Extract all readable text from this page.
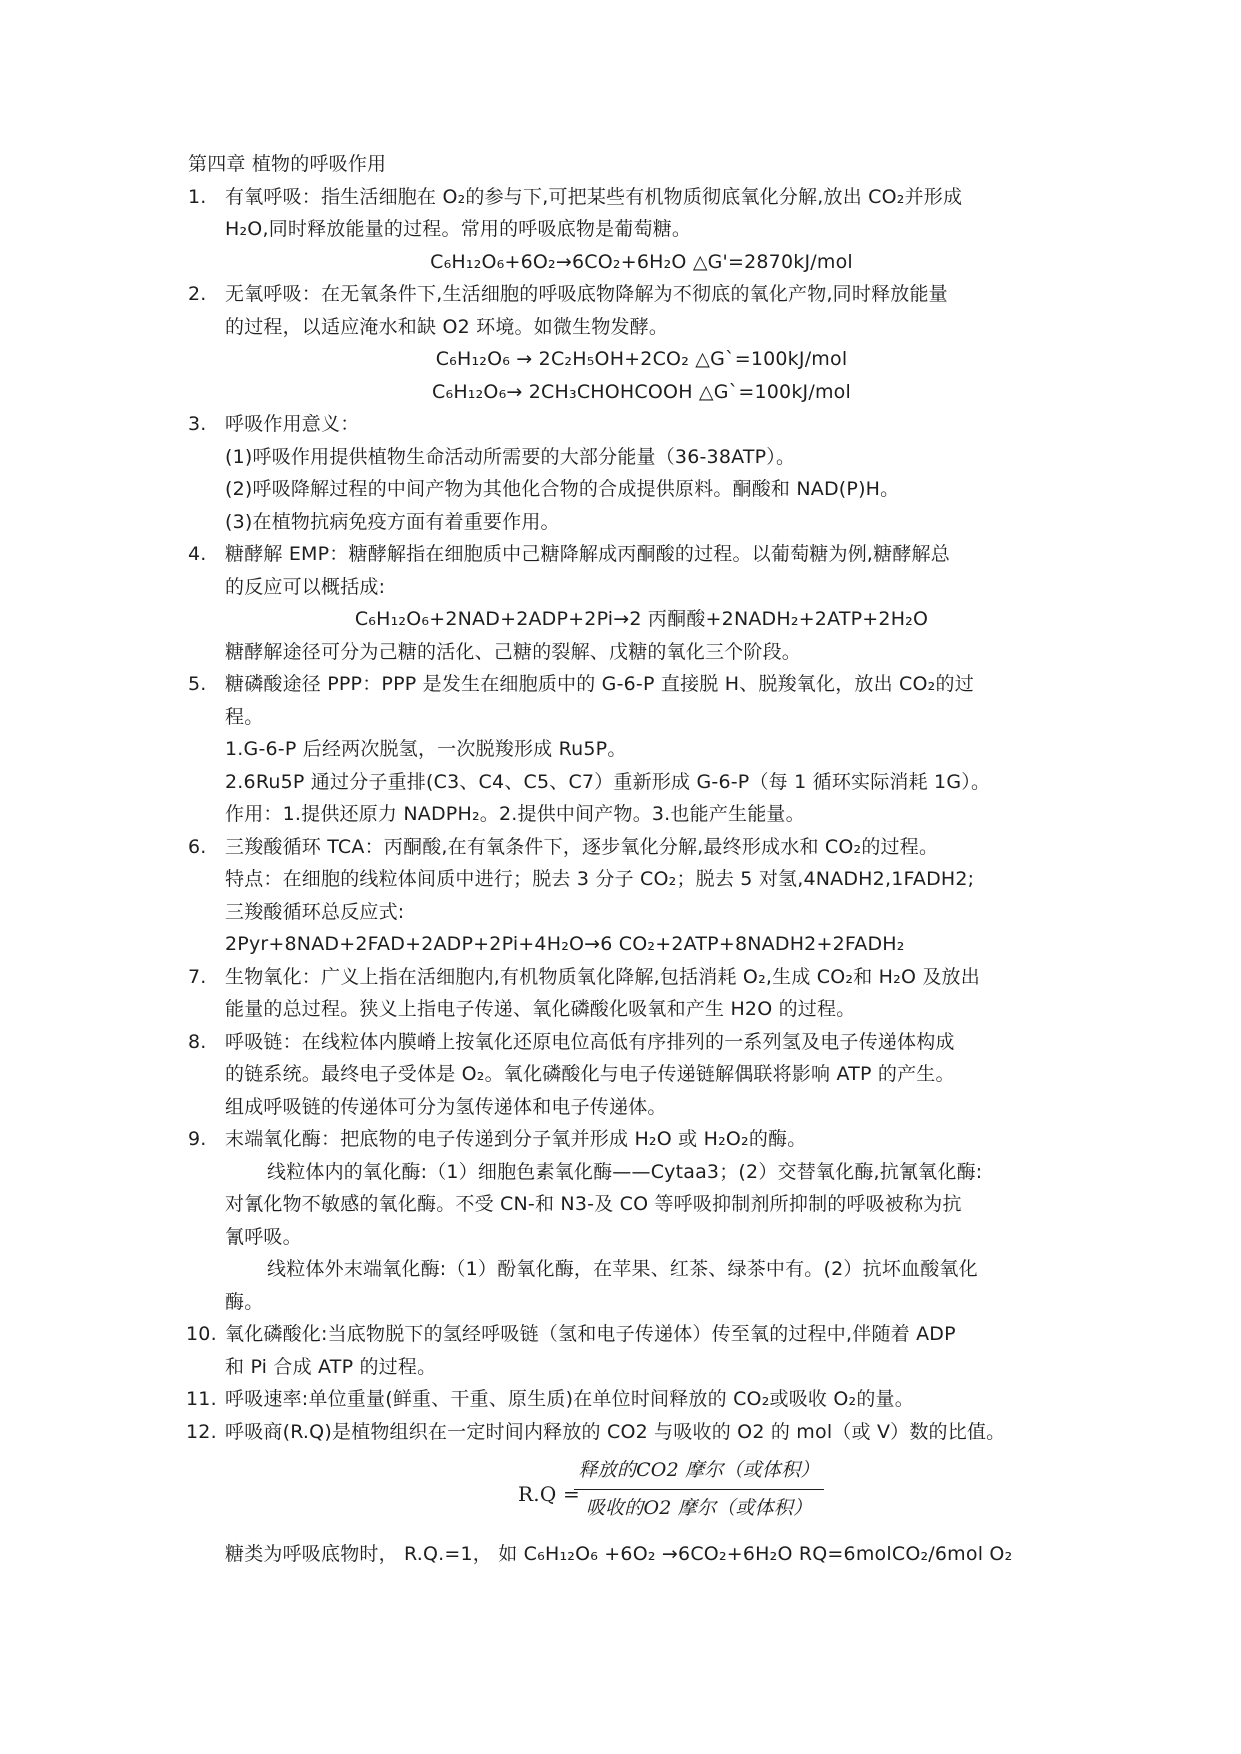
第四章 植物的呼吸作用
1. 有氧呼吸：指生活细胞在 O₂的参与下,可把某些有机物质彻底氧化分解,放出 CO₂并形成
H₂O,同时释放能量的过程。常用的呼吸底物是葡萄糖。
C₆H₁₂O₆+6O₂→6CO₂+6H₂O △G'=2870kJ/mol
2. 无氧呼吸：在无氧条件下,生活细胞的呼吸底物降解为不彻底的氧化产物,同时释放能量
的过程，以适应淹水和缺 O2 环境。如微生物发酵。
C₆H₁₂O₆ → 2C₂H₅OH+2CO₂ △G`=100kJ/mol
C₆H₁₂O₆→ 2CH₃CHOHCOOH △G`=100kJ/mol
3. 呼吸作用意义：
(1)呼吸作用提供植物生命活动所需要的大部分能量（36-38ATP）。
(2)呼吸降解过程的中间产物为其他化合物的合成提供原料。酮酸和 NAD(P)H。
(3)在植物抗病免疫方面有着重要作用。
4. 糖酵解 EMP：糖酵解指在细胞质中己糖降解成丙酮酸的过程。以葡萄糖为例,糖酵解总
的反应可以概括成:
C₆H₁₂O₆+2NAD+2ADP+2Pi→2 丙酮酸+2NADH₂+2ATP+2H₂O
糖酵解途径可分为己糖的活化、己糖的裂解、戊糖的氧化三个阶段。
5. 糖磷酸途径 PPP：PPP 是发生在细胞质中的 G-6-P 直接脱 H、脱羧氧化，放出 CO₂的过
程。
1.G-6-P 后经两次脱氢，一次脱羧形成 Ru5P。
2.6Ru5P 通过分子重排(C3、C4、C5、C7）重新形成 G-6-P（每 1 循环实际消耗 1G）。
作用：1.提供还原力 NADPH₂。2.提供中间产物。3.也能产生能量。
6. 三羧酸循环 TCA：丙酮酸,在有氧条件下，逐步氧化分解,最终形成水和 CO₂的过程。
特点：在细胞的线粒体间质中进行；脱去 3 分子 CO₂；脱去 5 对氢,4NADH2,1FADH2;
三羧酸循环总反应式:
2Pyr+8NAD+2FAD+2ADP+2Pi+4H₂O→6 CO₂+2ATP+8NADH2+2FADH₂
7. 生物氧化：广义上指在活细胞内,有机物质氧化降解,包括消耗 O₂,生成 CO₂和 H₂O 及放出
能量的总过程。狭义上指电子传递、氧化磷酸化吸氧和产生 H2O 的过程。
8. 呼吸链：在线粒体内膜嵴上按氧化还原电位高低有序排列的一系列氢及电子传递体构成
的链系统。最终电子受体是 O₂。氧化磷酸化与电子传递链解偶联将影响 ATP 的产生。
组成呼吸链的传递体可分为氢传递体和电子传递体。
9. 末端氧化酶：把底物的电子传递到分子氧并形成 H₂O 或 H₂O₂的酶。
线粒体内的氧化酶:（1）细胞色素氧化酶——Cytaa3；(2）交替氧化酶,抗氰氧化酶:
对氰化物不敏感的氧化酶。不受 CN-和 N3-及 CO 等呼吸抑制剂所抑制的呼吸被称为抗
氰呼吸。
线粒体外末端氧化酶:（1）酚氧化酶，在苹果、红茶、绿茶中有。(2）抗坏血酸氧化
酶。
10. 氧化磷酸化:当底物脱下的氢经呼吸链（氢和电子传递体）传至氧的过程中,伴随着 ADP
和 Pi 合成 ATP 的过程。
11. 呼吸速率:单位重量(鲜重、干重、原生质)在单位时间释放的 CO₂或吸收 O₂的量。
12. 呼吸商(R.Q)是植物组织在一定时间内释放的 CO2 与吸收的 O2 的 mol（或 V）数的比值。
R.Q =
释放的CO2 摩尔（或体积）
吸收的O2 摩尔（或体积）
糖类为呼吸底物时， R.Q.=1， 如 C₆H₁₂O₆ +6O₂ →6CO₂+6H₂O RQ=6molCO₂/6mol O₂
